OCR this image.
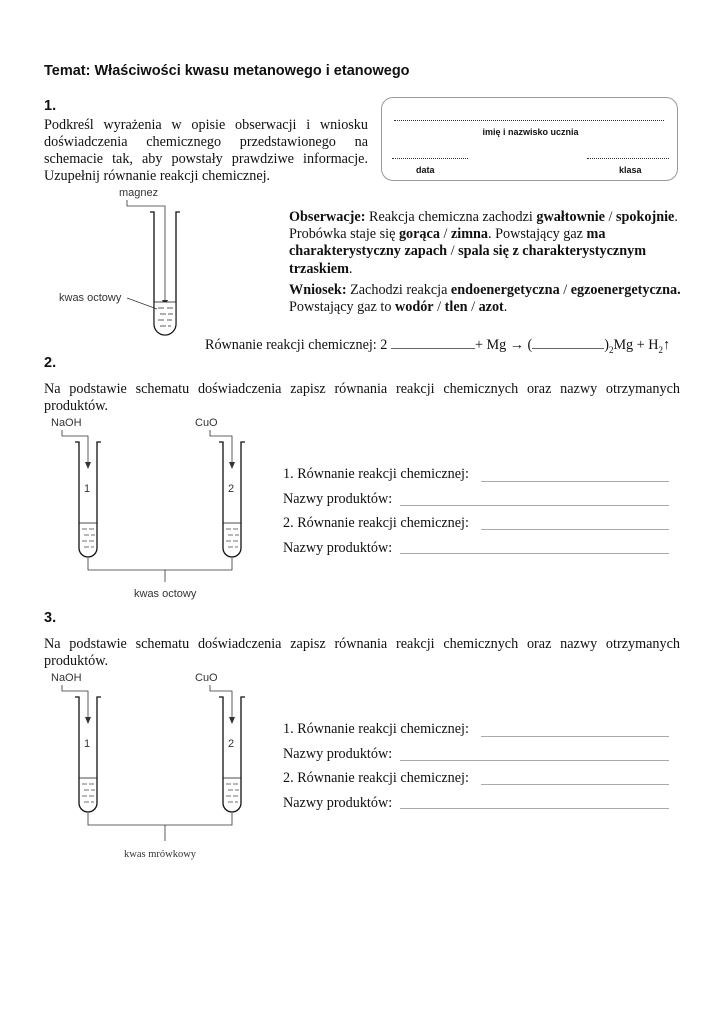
Temat: Właściwości kwasu metanowego i etanowego
1.
Podkreśl wyrażenia w opisie obserwacji i wniosku doświadczenia chemicznego przedstawionego na schemacie tak, aby powstały prawdziwe informacje. Uzupełnij równanie reakcji chemicznej.
imię i nazwisko ucznia
data	klasa
magnez
kwas octowy
Obserwacje: Reakcja chemiczna zachodzi gwałtownie / spokojnie. Probówka staje się gorąca / zimna. Powstający gaz ma charakterystyczny zapach / spala się z charakterystycznym trzaskiem.
Wniosek: Zachodzi reakcja endoenergetyczna / egzoenergetyczna.
Powstający gaz to wodór / tlen / azot.
Równanie reakcji chemicznej: 2	+ Mg → (	)$_2Mg$ + $H_2↑$
2.
Na podstawie schematu doświadczenia zapisz równania reakcji chemicznych oraz nazwy otrzymanych produktów.
NaOH	CuO
1	2
kwas octowy
1. Równanie reakcji chemicznej:
Nazwy produktów:
2. Równanie reakcji chemicznej:
Nazwy produktów:
3.
Na podstawie schematu doświadczenia zapisz równania reakcji chemicznych oraz nazwy otrzymanych produktów.
NaOH	CuO
1	2
kwas mrówkowy
1. Równanie reakcji chemicznej:
Nazwy produktów:
2. Równanie reakcji chemicznej:
Nazwy produktów:
